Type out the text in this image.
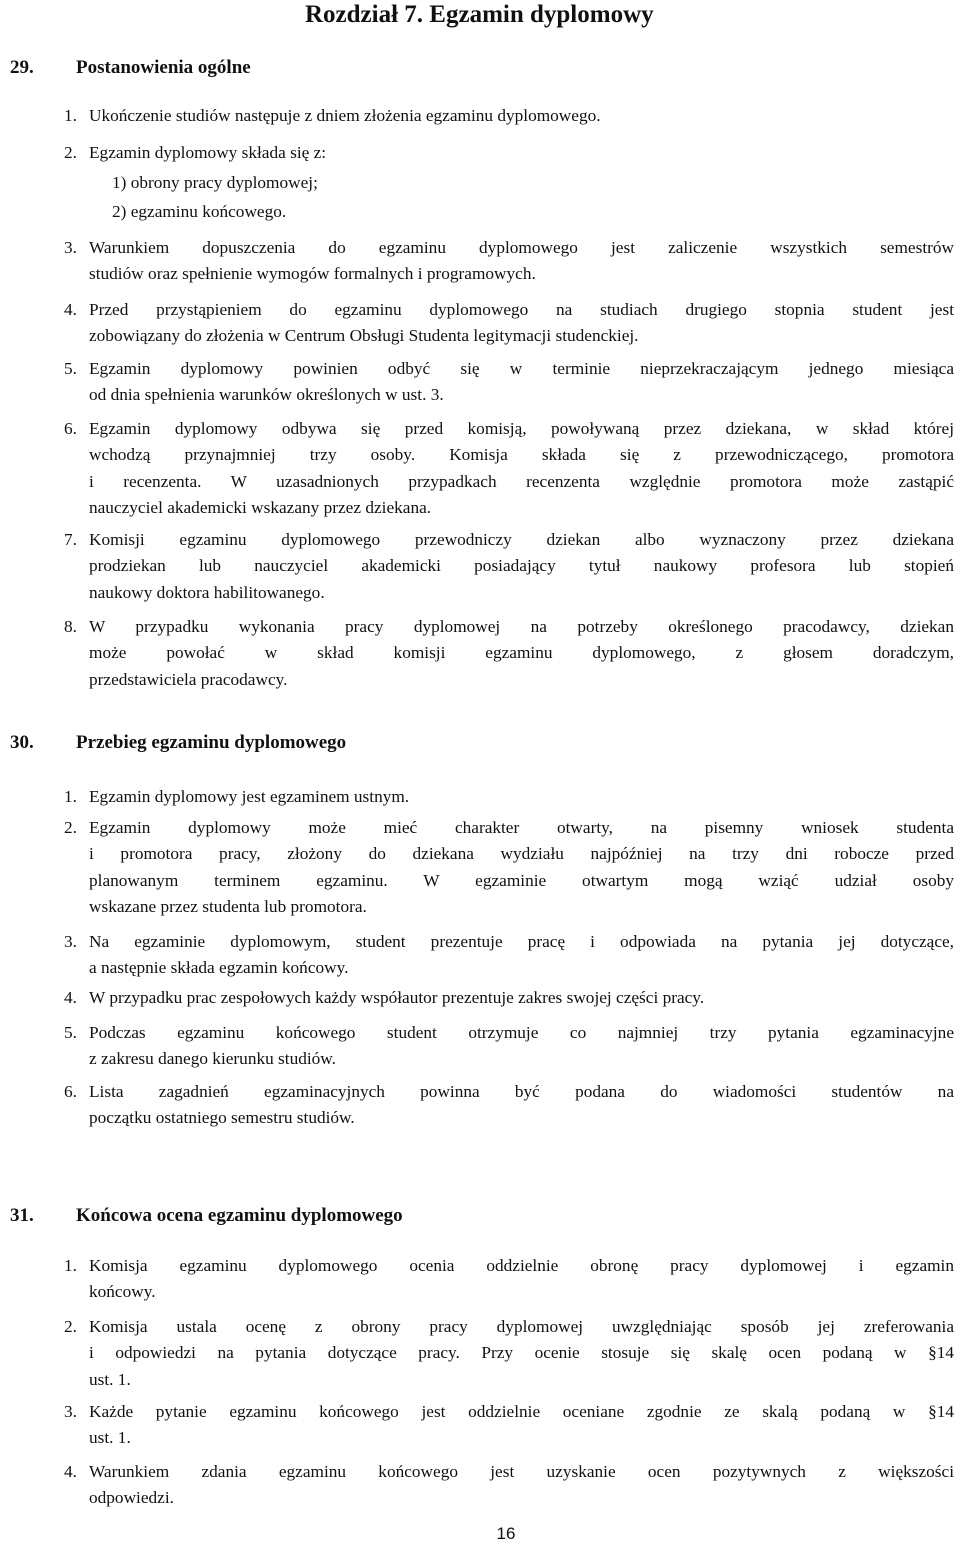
Rozdział 7. Egzamin dyplomowy
29. Postanowienia ogólne
1. Ukończenie studiów następuje z dniem złożenia egzaminu dyplomowego.
2. Egzamin dyplomowy składa się z:
1) obrony pracy dyplomowej;
2) egzaminu końcowego.
3. Warunkiem dopuszczenia do egzaminu dyplomowego jest zaliczenie wszystkich semestrów
studiów oraz spełnienie wymogów formalnych i programowych.
4. Przed przystąpieniem do egzaminu dyplomowego na studiach drugiego stopnia student jest
zobowiązany do złożenia w Centrum Obsługi Studenta legitymacji studenckiej.
5. Egzamin dyplomowy powinien odbyć się w terminie nieprzekraczającym jednego miesiąca
od dnia spełnienia warunków określonych w ust. 3.
6. Egzamin dyplomowy odbywa się przed komisją, powoływaną przez dziekana, w skład której
wchodzą przynajmniej trzy osoby. Komisja składa się z przewodniczącego, promotora
i recenzenta. W uzasadnionych przypadkach recenzenta względnie promotora może zastąpić
nauczyciel akademicki wskazany przez dziekana.
7. Komisji egzaminu dyplomowego przewodniczy dziekan albo wyznaczony przez dziekana
prodziekan lub nauczyciel akademicki posiadający tytuł naukowy profesora lub stopień
naukowy doktora habilitowanego.
8. W przypadku wykonania pracy dyplomowej na potrzeby określonego pracodawcy, dziekan
może powołać w skład komisji egzaminu dyplomowego, z głosem doradczym,
przedstawiciela pracodawcy.
30. Przebieg egzaminu dyplomowego
1. Egzamin dyplomowy jest egzaminem ustnym.
2. Egzamin dyplomowy może mieć charakter otwarty, na pisemny wniosek studenta
i promotora pracy, złożony do dziekana wydziału najpóźniej na trzy dni robocze przed
planowanym terminem egzaminu. W egzaminie otwartym mogą wziąć udział osoby
wskazane przez studenta lub promotora.
3. Na egzaminie dyplomowym, student prezentuje pracę i odpowiada na pytania jej dotyczące,
a następnie składa egzamin końcowy.
4. W przypadku prac zespołowych każdy współautor prezentuje zakres swojej części pracy.
5. Podczas egzaminu końcowego student otrzymuje co najmniej trzy pytania egzaminacyjne
z zakresu danego kierunku studiów.
6. Lista zagadnień egzaminacyjnych powinna być podana do wiadomości studentów na
początku ostatniego semestru studiów.
31. Końcowa ocena egzaminu dyplomowego
1. Komisja egzaminu dyplomowego ocenia oddzielnie obronę pracy dyplomowej i egzamin
końcowy.
2. Komisja ustala ocenę z obrony pracy dyplomowej uwzględniając sposób jej zreferowania
i odpowiedzi na pytania dotyczące pracy. Przy ocenie stosuje się skalę ocen podaną w §14
ust. 1.
3. Każde pytanie egzaminu końcowego jest oddzielnie oceniane zgodnie ze skalą podaną w §14
ust. 1.
4. Warunkiem zdania egzaminu końcowego jest uzyskanie ocen pozytywnych z większości
odpowiedzi.
16
